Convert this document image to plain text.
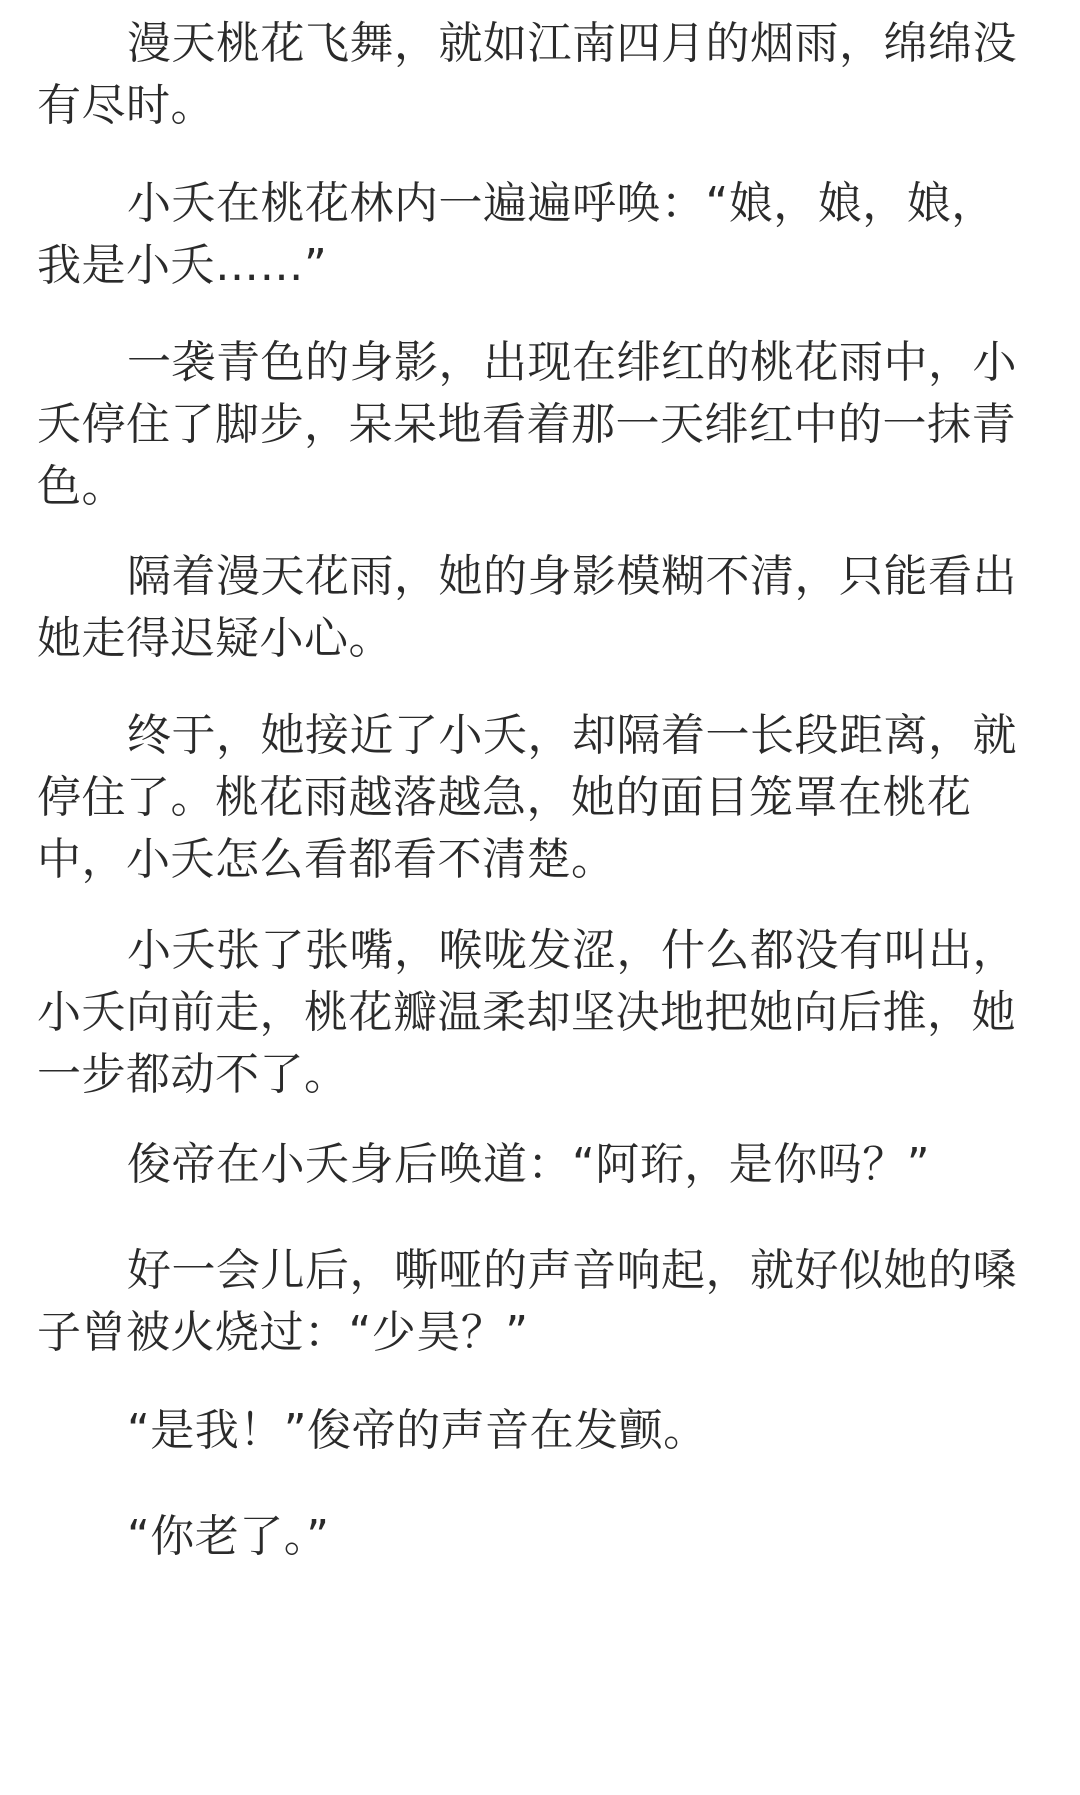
漫天桃花飞舞，就如江南四月的烟雨，绵绵没
有尽时。

小夭在桃花林内一遍遍呼唤：“娘，娘，娘，
我是小夭……”

一袭青色的身影，出现在绯红的桃花雨中，小
夭停住了脚步，呆呆地看着那一天绯红中的一抹青
色。

隔着漫天花雨，她的身影模糊不清，只能看出
她走得迟疑小心。

终于，她接近了小夭，却隔着一长段距离，就
停住了。桃花雨越落越急，她的面目笼罩在桃花
中，小夭怎么看都看不清楚。

小夭张了张嘴，喉咙发涩，什么都没有叫出，
小夭向前走，桃花瓣温柔却坚决地把她向后推，她
一步都动不了。

俊帝在小夭身后唤道：“阿珩，是你吗？”

好一会儿后，嘶哑的声音响起，就好似她的嗓
子曾被火烧过：“少昊？”

“是我！”俊帝的声音在发颤。

“你老了。”
